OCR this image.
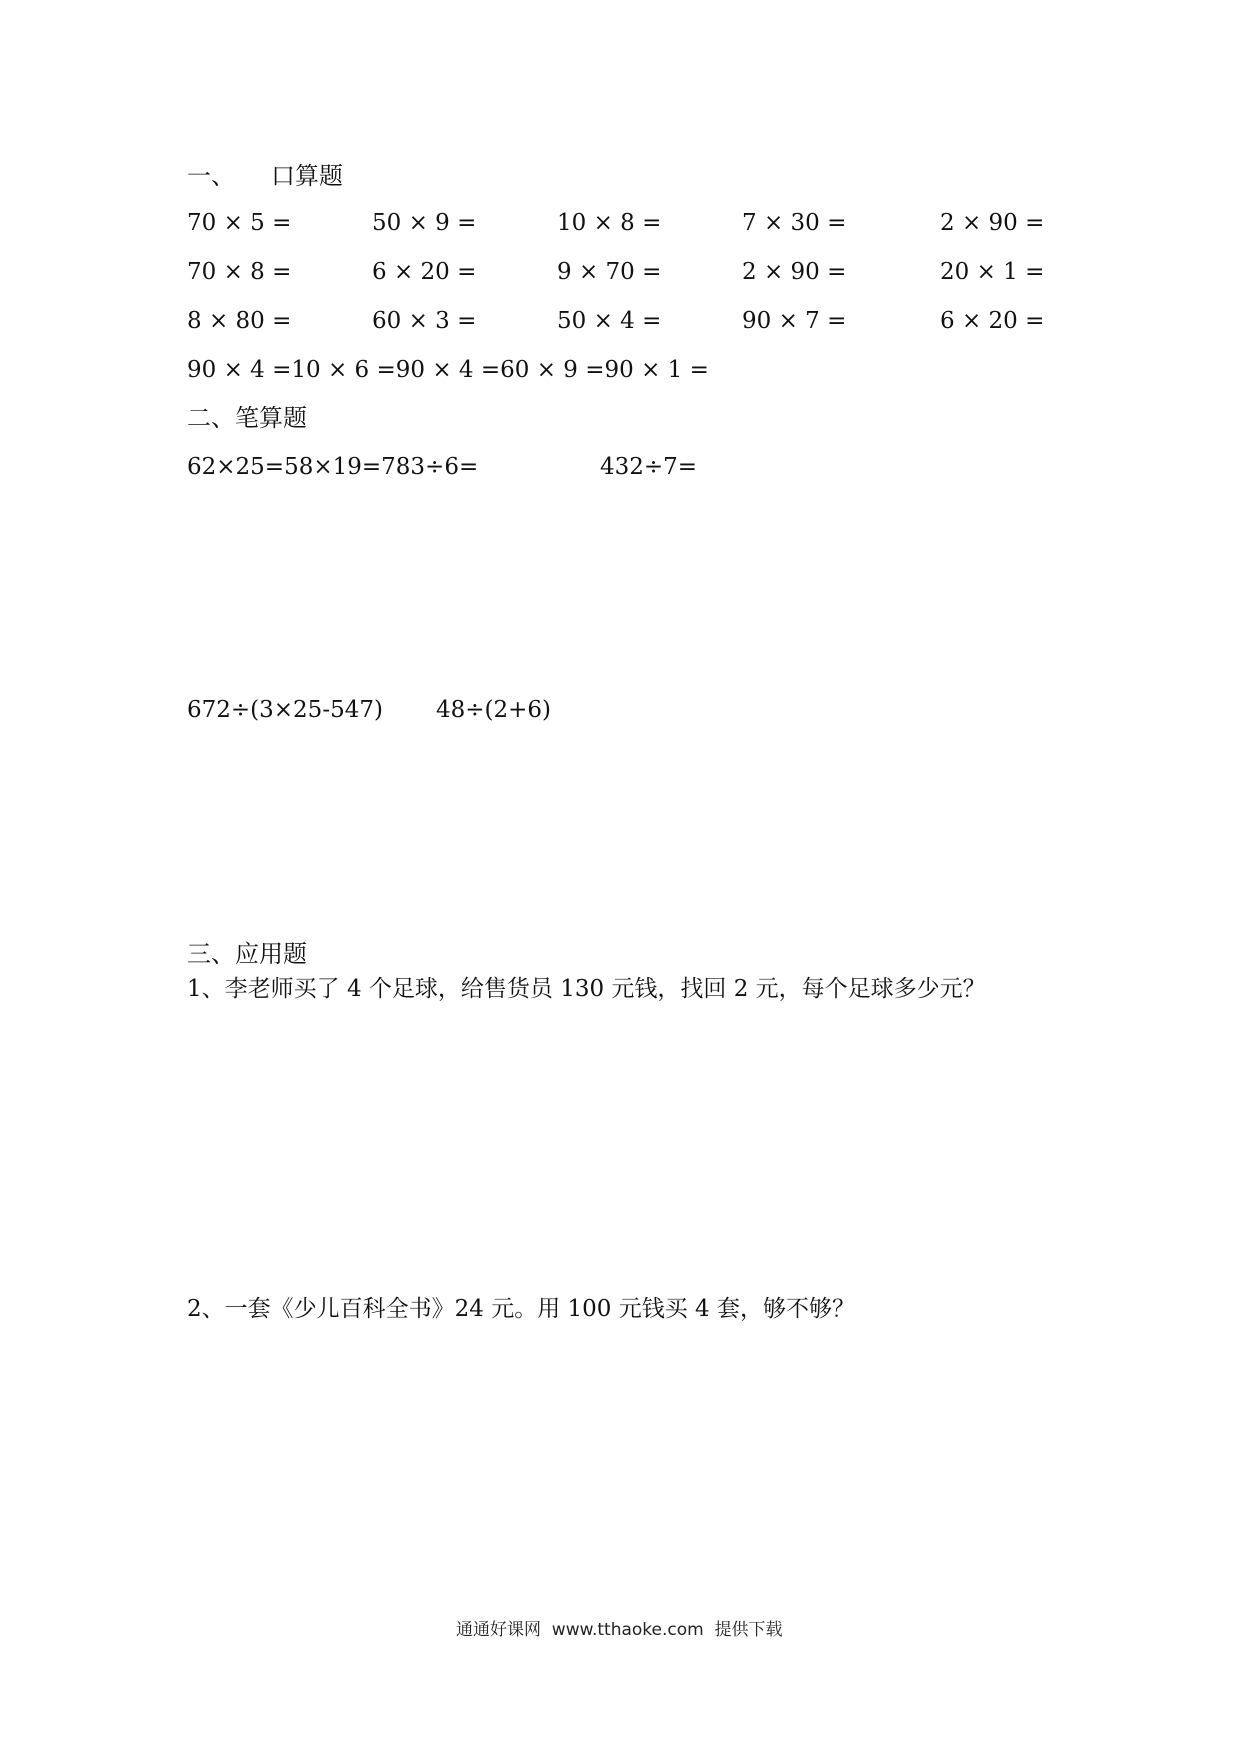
一、　　口算题
70 × 5 =	50 × 9 =	10 × 8 =	7 × 30 =	2 × 90 =
70 × 8 =	6 × 20 =	9 × 70 =	2 × 90 =	20 × 1 =
8 × 80 =	60 × 3 =	50 × 4 =	90 × 7 =	6 × 20 =
90 × 4 =10 × 6 =90 × 4 =60 × 9 =90 × 1 =
二、笔算题
62×25=58×19=783÷6=	432÷7=
672÷(3×25-547) 48÷(2+6)
三、应用题
1、李老师买了 4 个足球，给售货员 130 元钱，找回 2 元，每个足球多少元？
2、一套《少儿百科全书》24 元。用 100 元钱买 4 套，够不够？
通通好课网  www.tthaoke.com  提供下载
